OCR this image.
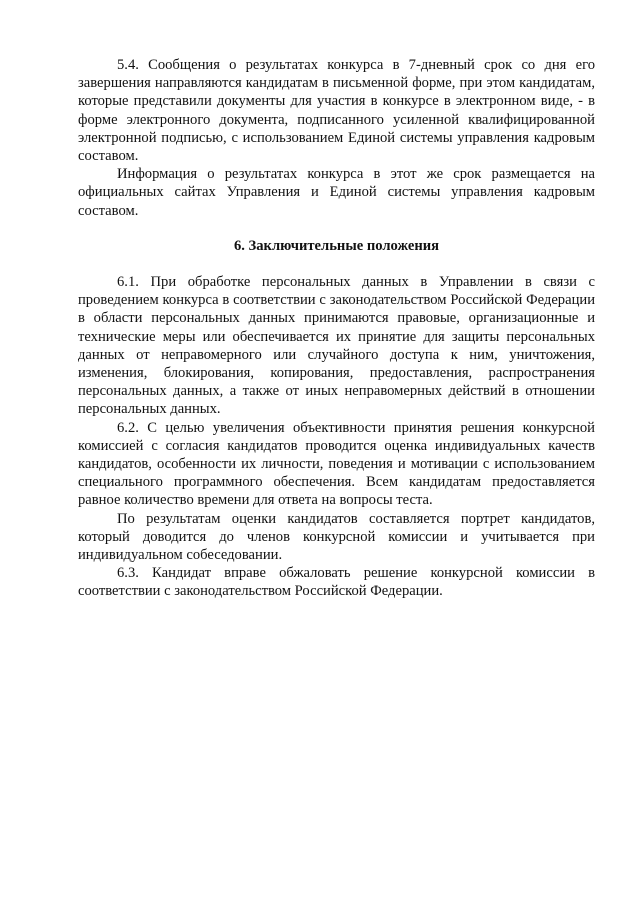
5.4. Сообщения о результатах конкурса в 7-дневный срок со дня его завершения направляются кандидатам в письменной форме, при этом кандидатам, которые представили документы для участия в конкурсе в электронном виде, - в форме электронного документа, подписанного усиленной квалифицированной электронной подписью, с использованием Единой системы управления кадровым составом.

Информация о результатах конкурса в этот же срок размещается на официальных сайтах Управления и Единой системы управления кадровым составом.

6. Заключительные положения

6.1. При обработке персональных данных в Управлении в связи с проведением конкурса в соответствии с законодательством Российской Федерации в области персональных данных принимаются правовые, организационные и технические меры или обеспечивается их принятие для защиты персональных данных от неправомерного или случайного доступа к ним, уничтожения, изменения, блокирования, копирования, предоставления, распространения персональных данных, а также от иных неправомерных действий в отношении персональных данных.

6.2. С целью увеличения объективности принятия решения конкурсной комиссией с согласия кандидатов проводится оценка индивидуальных качеств кандидатов, особенности их личности, поведения и мотивации с использованием специального программного обеспечения. Всем кандидатам предоставляется равное количество времени для ответа на вопросы теста.

По результатам оценки кандидатов составляется портрет кандидатов, который доводится до членов конкурсной комиссии и учитывается при индивидуальном собеседовании.

6.3. Кандидат вправе обжаловать решение конкурсной комиссии в соответствии с законодательством Российской Федерации.
